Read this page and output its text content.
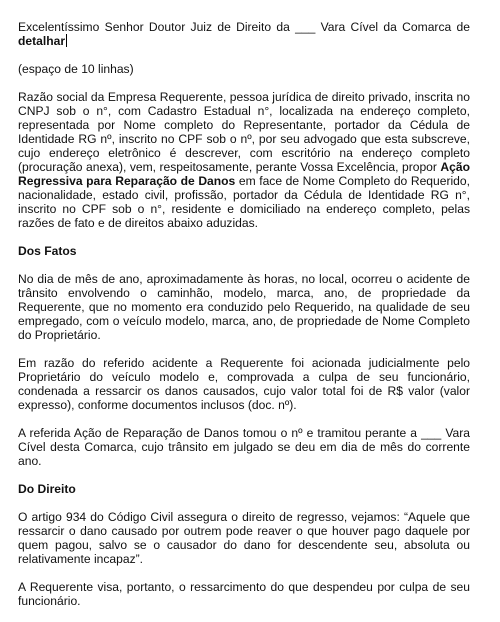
Excelentíssimo Senhor Doutor Juiz de Direito da ___ Vara Cível da Comarca de detalhar

(espaço de 10 linhas)

Razão social da Empresa Requerente, pessoa jurídica de direito privado, inscrita no CNPJ sob o n°, com Cadastro Estadual n°, localizada na endereço completo, representada por Nome completo do Representante, portador da Cédula de Identidade RG nº, inscrito no CPF sob o nº, por seu advogado que esta subscreve, cujo endereço eletrônico é descrever, com escritório na endereço completo (procuração anexa), vem, respeitosamente, perante Vossa Excelência, propor Ação Regressiva para Reparação de Danos em face de Nome Completo do Requerido, nacionalidade, estado civil, profissão, portador da Cédula de Identidade RG n°, inscrito no CPF sob o n°, residente e domiciliado na endereço completo, pelas razões de fato e de direitos abaixo aduzidas.

Dos Fatos

No dia de mês de ano, aproximadamente às horas, no local, ocorreu o acidente de trânsito envolvendo o caminhão, modelo, marca, ano, de propriedade da Requerente, que no momento era conduzido pelo Requerido, na qualidade de seu empregado, com o veículo modelo, marca, ano, de propriedade de Nome Completo do Proprietário.

Em razão do referido acidente a Requerente foi acionada judicialmente pelo Proprietário do veículo modelo e, comprovada a culpa de seu funcionário, condenada a ressarcir os danos causados, cujo valor total foi de R$ valor (valor expresso), conforme documentos inclusos (doc. nº).

A referida Ação de Reparação de Danos tomou o nº e tramitou perante a ___ Vara Cível desta Comarca, cujo trânsito em julgado se deu em dia de mês do corrente ano.

Do Direito

O artigo 934 do Código Civil assegura o direito de regresso, vejamos: “Aquele que ressarcir o dano causado por outrem pode reaver o que houver pago daquele por quem pagou, salvo se o causador do dano for descendente seu, absoluta ou relativamente incapaz”.

A Requerente visa, portanto, o ressarcimento do que despendeu por culpa de seu funcionário.
